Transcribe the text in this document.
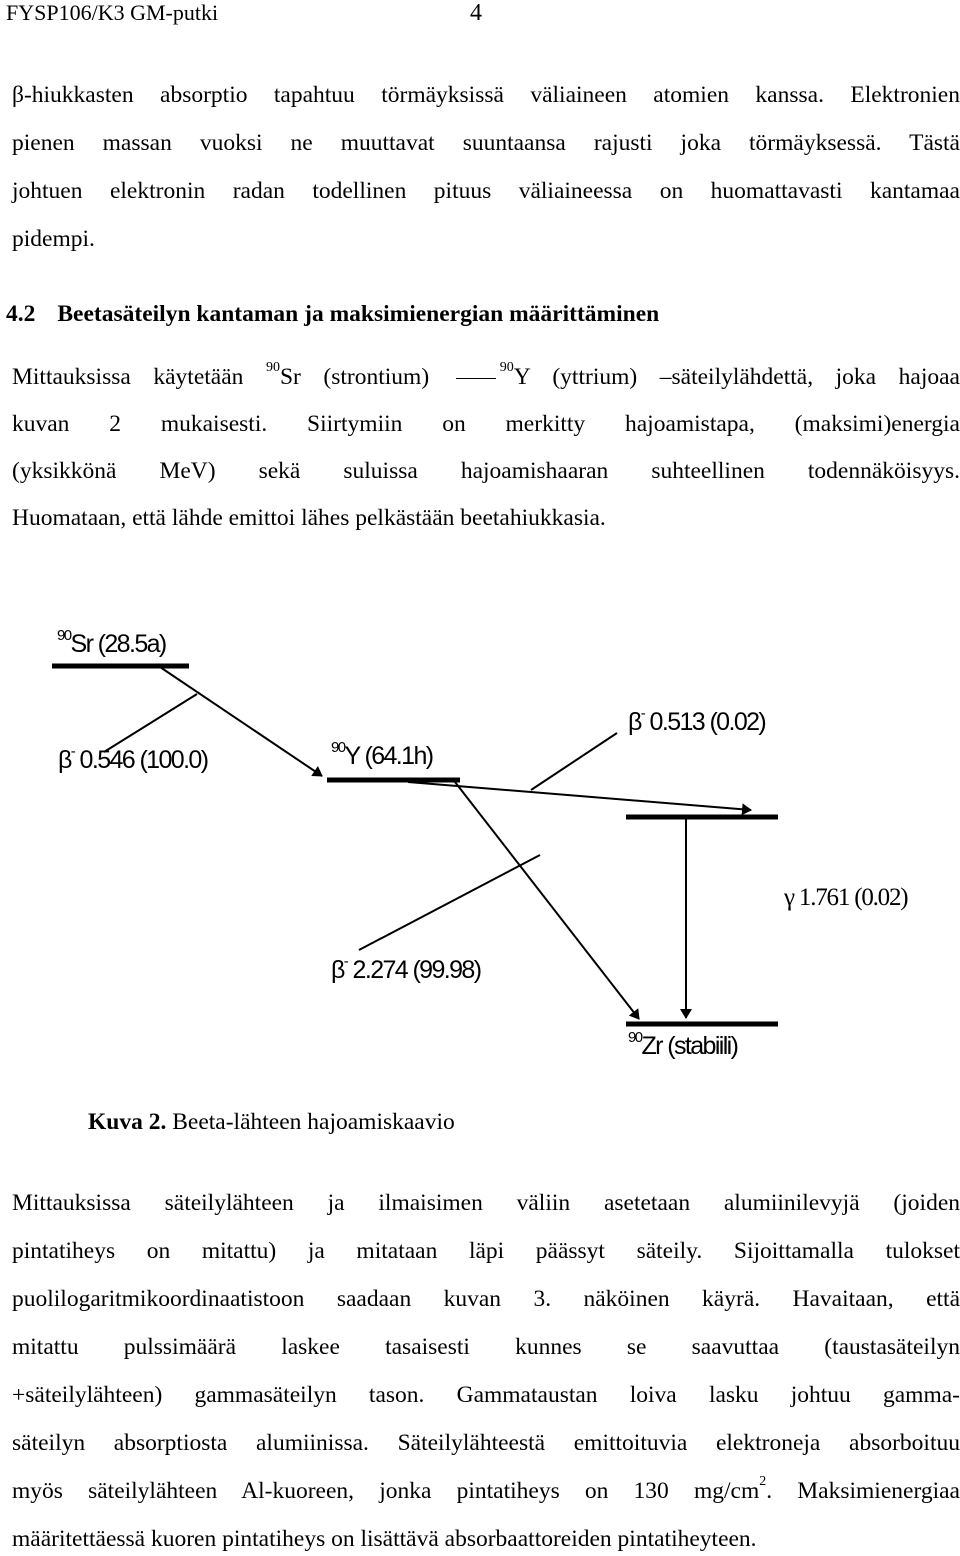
FYSP106/K3 GM-putki	4
β-hiukkasten absorptio tapahtuu törmäyksissä väliaineen atomien kanssa. Elektronien
pienen massan vuoksi ne muuttavat suuntaansa rajusti joka törmäyksessä. Tästä
johtuen elektronin radan todellinen pituus väliaineessa on huomattavasti kantamaa
pidempi.
4.2 Beetasäteilyn kantaman ja maksimienergian määrittäminen
Mittauksissa käytetään $^{90}$Sr (strontium)	$^{90}$Y (yttrium) –säteilylähdettä, joka hajoaa
kuvan 2 mukaisesti. Siirtymiin on merkitty hajoamistapa, (maksimi)energia
(yksikkönä MeV) sekä suluissa hajoamishaaran suhteellinen todennäköisyys.
Huomataan, että lähde emittoi lähes pelkästään beetahiukkasia.
$^{90}$Sr (28.5a)
β- 0.546 (100.0)	$^{90}$Y (64.1h)
β- 0.513 (0.02)
γ 1.761 (0.02)
β- 2.274 (99.98)
$^{90}$Zr (stabiili)
Kuva 2. Beeta-lähteen hajoamiskaavio
Mittauksissa säteilylähteen ja ilmaisimen väliin asetetaan alumiinilevyjä (joiden
pintatiheys on mitattu) ja mitataan läpi päässyt säteily. Sijoittamalla tulokset
puolilogaritmikoordinaatistoon saadaan kuvan 3. näköinen käyrä. Havaitaan, että
mitattu pulssimäärä laskee tasaisesti kunnes se saavuttaa (taustasäteilyn
+säteilylähteen) gammasäteilyn tason. Gammataustan loiva lasku johtuu gamma-
säteilyn absorptiosta alumiinissa. Säteilylähteestä emittoituvia elektroneja absorboituu
myös säteilylähteen Al-kuoreen, jonka pintatiheys on 130 $mg/cm^2$. Maksimienergiaa
määritettäessä kuoren pintatiheys on lisättävä absorbaattoreiden pintatiheyteen.
